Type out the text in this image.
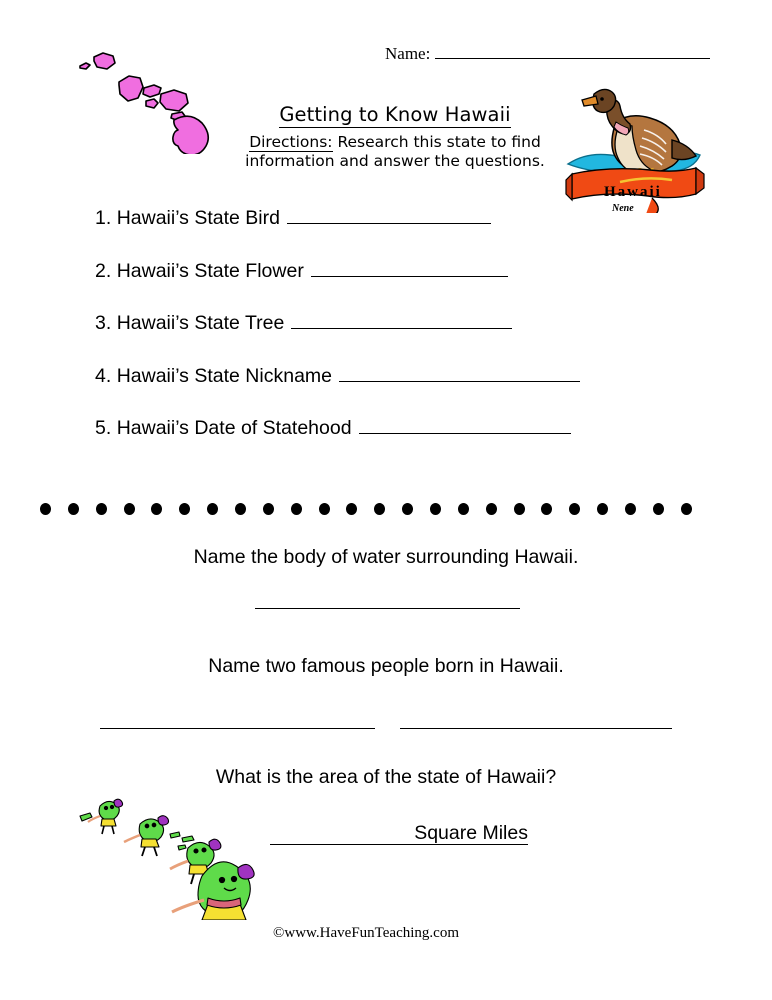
Name:
Getting to Know Hawaii
Directions: Research this state to find
information and answer the questions.
Hawaii
Nene
1.
Hawaii’s State Bird
2.
Hawaii’s State Flower
3.
Hawaii’s State Tree
4.
Hawaii’s State Nickname
5.
Hawaii’s Date of Statehood
Name the body of water surrounding Hawaii.
Name two famous people born in Hawaii.
What is the area of the state of Hawaii?
Square Miles
©www.HaveFunTeaching.com
